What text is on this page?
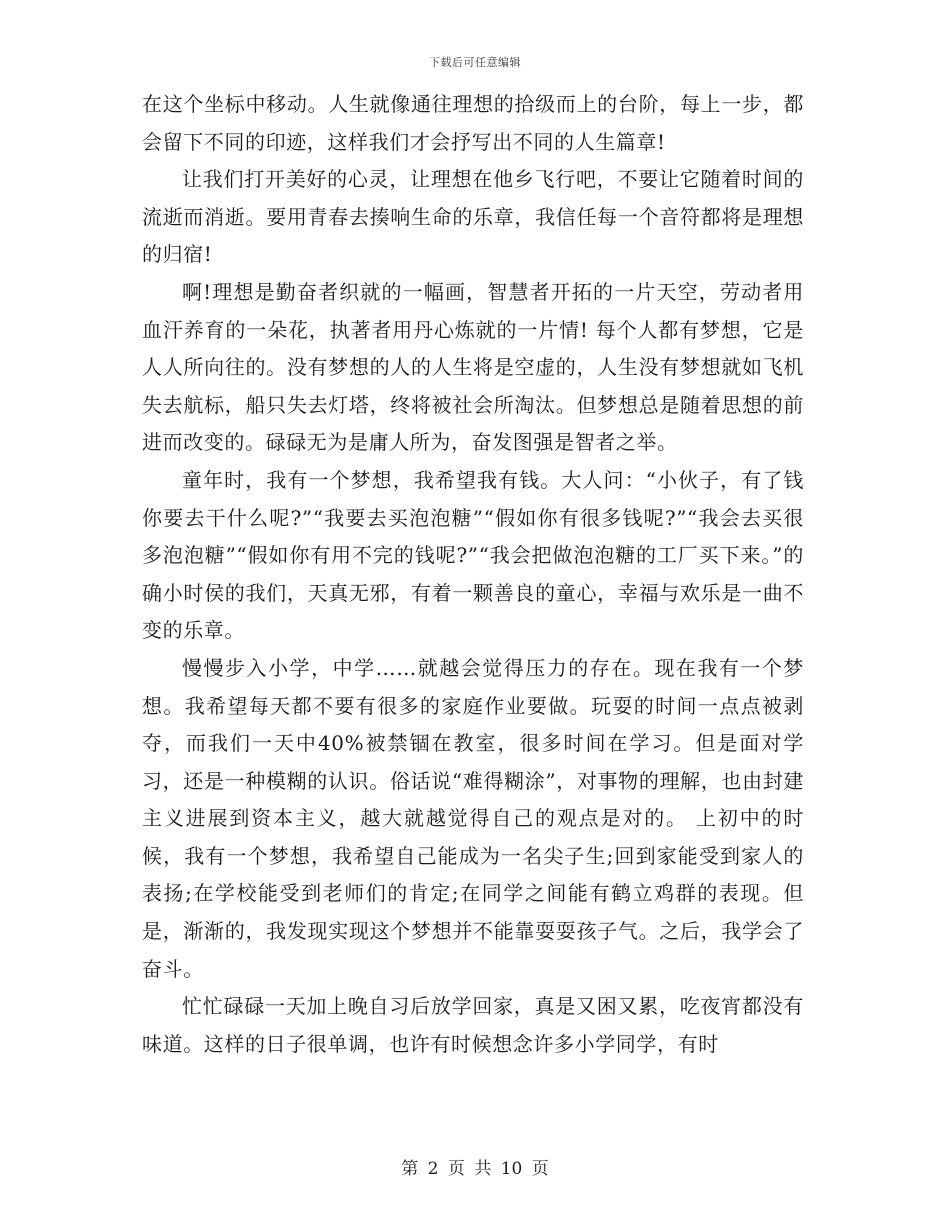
下载后可任意编辑

在这个坐标中移动。人生就像通往理想的拾级而上的台阶，每上一步，都会留下不同的印迹，这样我们才会抒写出不同的人生篇章!

让我们打开美好的心灵，让理想在他乡飞行吧，不要让它随着时间的流逝而消逝。要用青春去揍响生命的乐章，我信任每一个音符都将是理想的归宿!

啊!理想是勤奋者织就的一幅画，智慧者开拓的一片天空，劳动者用血汗养育的一朵花，执著者用丹心炼就的一片情! 每个人都有梦想，它是人人所向往的。没有梦想的人的人生将是空虚的，人生没有梦想就如飞机失去航标，船只失去灯塔，终将被社会所淘汰。但梦想总是随着思想的前进而改变的。碌碌无为是庸人所为，奋发图强是智者之举。

童年时，我有一个梦想，我希望我有钱。大人问：“小伙子，有了钱你要去干什么呢?”“我要去买泡泡糖”“假如你有很多钱呢?”“我会去买很多泡泡糖”“假如你有用不完的钱呢?”“我会把做泡泡糖的工厂买下来。”的确小时侯的我们，天真无邪，有着一颗善良的童心，幸福与欢乐是一曲不变的乐章。

慢慢步入小学，中学……就越会觉得压力的存在。现在我有一个梦想。我希望每天都不要有很多的家庭作业要做。玩耍的时间一点点被剥夺，而我们一天中40%被禁锢在教室，很多时间在学习。但是面对学习，还是一种模糊的认识。俗话说“难得糊涂”，对事物的理解，也由封建主义进展到资本主义，越大就越觉得自己的观点是对的。 上初中的时候，我有一个梦想，我希望自己能成为一名尖子生;回到家能受到家人的表扬;在学校能受到老师们的肯定;在同学之间能有鹤立鸡群的表现。但是，渐渐的，我发现实现这个梦想并不能靠耍耍孩子气。之后，我学会了奋斗。

忙忙碌碌一天加上晚自习后放学回家，真是又困又累，吃夜宵都没有味道。这样的日子很单调，也许有时候想念许多小学同学，有时

第 2 页 共 10 页
